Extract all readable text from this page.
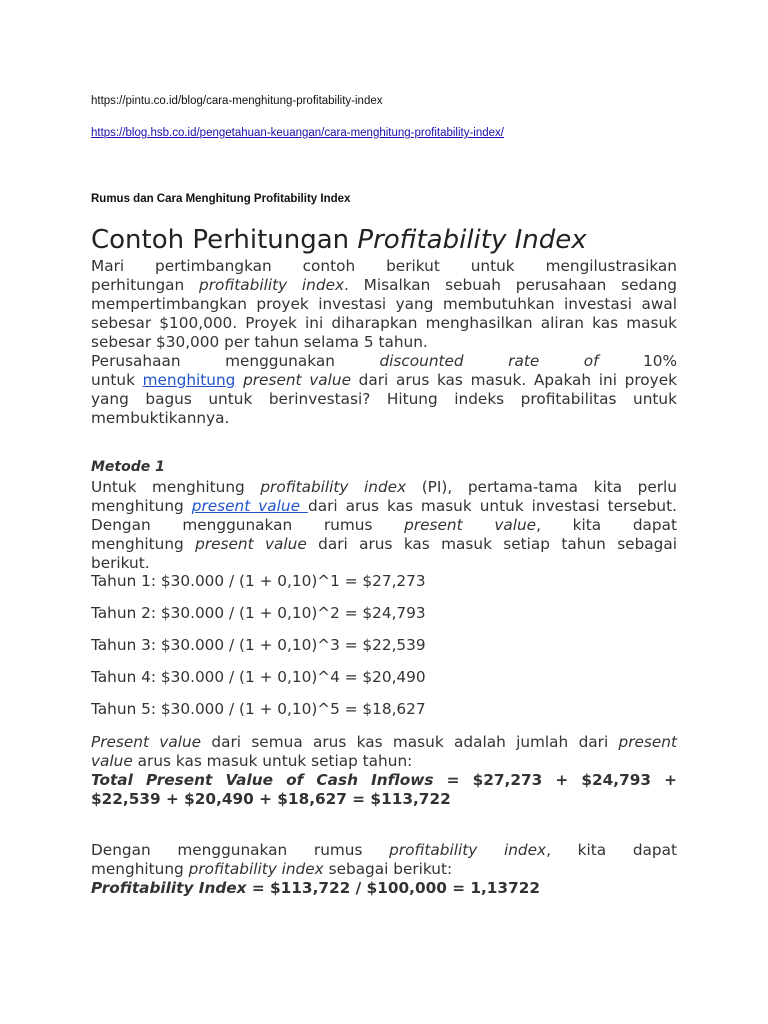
https://pintu.co.id/blog/cara-menghitung-profitability-index
https://blog.hsb.co.id/pengetahuan-keuangan/cara-menghitung-profitability-index/
Rumus dan Cara Menghitung Profitability Index
Contoh Perhitungan Profitability Index
Mari pertimbangkan contoh berikut untuk mengilustrasikan
perhitungan profitability index. Misalkan sebuah perusahaan sedang
mempertimbangkan proyek investasi yang membutuhkan investasi awal
sebesar $100,000. Proyek ini diharapkan menghasilkan aliran kas masuk
sebesar $30,000 per tahun selama 5 tahun.
Perusahaan menggunakan discounted rate of 10%
untuk menghitung present value dari arus kas masuk. Apakah ini proyek
yang bagus untuk berinvestasi? Hitung indeks profitabilitas untuk
membuktikannya.
Metode 1
Untuk menghitung profitability index (PI), pertama-tama kita perlu
menghitung present value dari arus kas masuk untuk investasi tersebut.
Dengan menggunakan rumus present value, kita dapat
menghitung present value dari arus kas masuk setiap tahun sebagai
berikut.
Tahun 1: $30.000 / (1 + 0,10)^1 = $27,273
Tahun 2: $30.000 / (1 + 0,10)^2 = $24,793
Tahun 3: $30.000 / (1 + 0,10)^3 = $22,539
Tahun 4: $30.000 / (1 + 0,10)^4 = $20,490
Tahun 5: $30.000 / (1 + 0,10)^5 = $18,627
Present value dari semua arus kas masuk adalah jumlah dari present
value arus kas masuk untuk setiap tahun:
Total Present Value of Cash Inflows = $27,273 + $24,793 +
$22,539 + $20,490 + $18,627 = $113,722
Dengan menggunakan rumus profitability index, kita dapat
menghitung profitability index sebagai berikut:
Profitability Index = $113,722 / $100,000 = 1,13722
